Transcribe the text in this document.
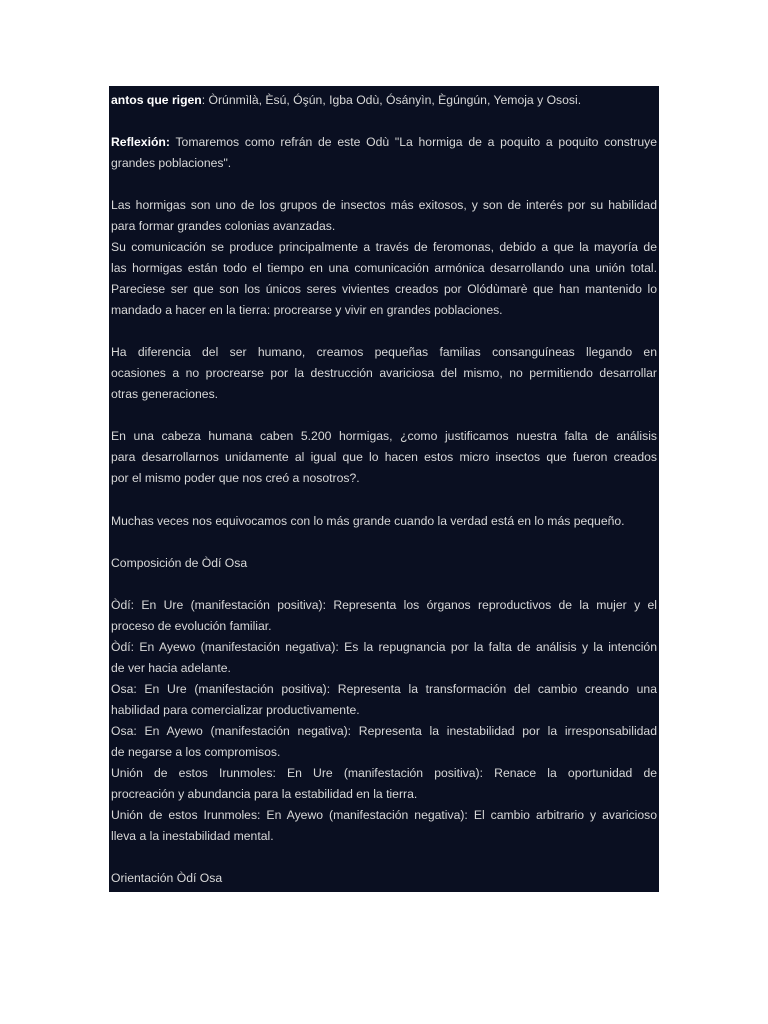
antos que rigen: Òrúnmìlà, Èsú, Óşún, Igba Odù, Ósányìn, Ègúngún, Yemoja y Ososi.
Reflexión: Tomaremos como refrán de este Odù "La hormiga de a poquito a poquito construye
grandes poblaciones".
Las hormigas son uno de los grupos de insectos más exitosos, y son de interés por su habilidad
para formar grandes colonias avanzadas.
Su comunicación se produce principalmente a través de feromonas, debido a que la mayoría de
las hormigas están todo el tiempo en una comunicación armónica desarrollando una unión total.
Pareciese ser que son los únicos seres vivientes creados por Olódùmarè que han mantenido lo
mandado a hacer en la tierra: procrearse y vivir en grandes poblaciones.
Ha diferencia del ser humano, creamos pequeñas familias consanguíneas llegando en
ocasiones a no procrearse por la destrucción avariciosa del mismo, no permitiendo desarrollar
otras generaciones.
En una cabeza humana caben 5.200 hormigas, ¿como justificamos nuestra falta de análisis
para desarrollarnos unidamente al igual que lo hacen estos micro insectos que fueron creados
por el mismo poder que nos creó a nosotros?.
Muchas veces nos equivocamos con lo más grande cuando la verdad está en lo más pequeño.
Composición de Òdí Osa
Òdí: En Ure (manifestación positiva): Representa los órganos reproductivos de la mujer y el
proceso de evolución familiar.
Òdí: En Ayewo (manifestación negativa): Es la repugnancia por la falta de análisis y la intención
de ver hacia adelante.
Osa: En Ure (manifestación positiva): Representa la transformación del cambio creando una
habilidad para comercializar productivamente.
Osa: En Ayewo (manifestación negativa): Representa la inestabilidad por la irresponsabilidad
de negarse a los compromisos.
Unión de estos Irunmoles: En Ure (manifestación positiva): Renace la oportunidad de
procreación y abundancia para la estabilidad en la tierra.
Unión de estos Irunmoles: En Ayewo (manifestación negativa): El cambio arbitrario y avaricioso
lleva a la inestabilidad mental.
Orientación Òdí Osa
